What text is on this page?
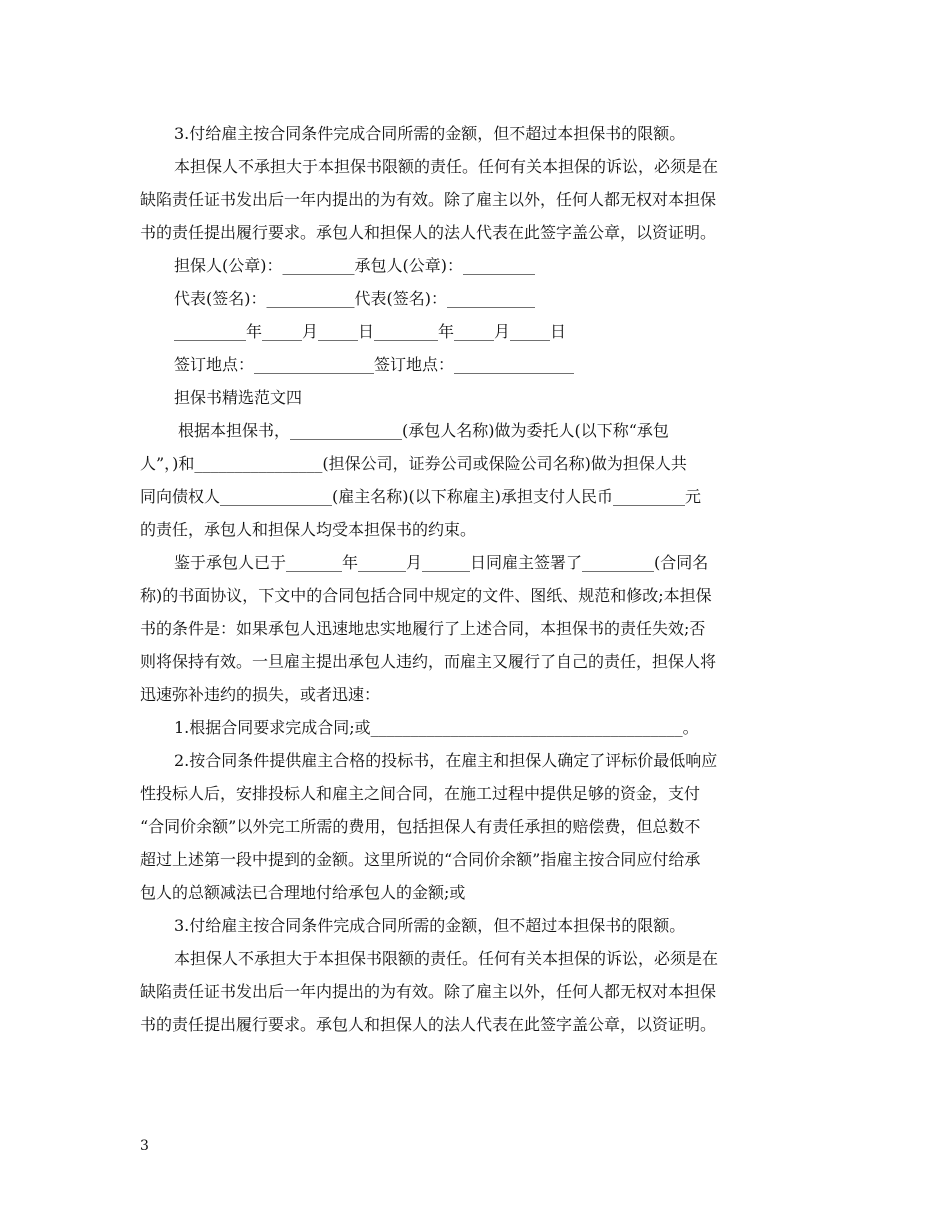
3.付给雇主按合同条件完成合同所需的金额，但不超过本担保书的限额。

本担保人不承担大于本担保书限额的责任。任何有关本担保的诉讼，必须是在

缺陷责任证书发出后一年内提出的为有效。除了雇主以外，任何人都无权对本担保

书的责任提出履行要求。承包人和担保人的法人代表在此签字盖公章，以资证明。

担保人(公章)：_________承包人(公章)：_________

代表(签名)：___________代表(签名)：___________

_________年_____月_____日________年_____月_____日

签订地点：_______________签订地点：_______________

担保书精选范文四

根据本担保书，______________(承包人名称)做为委托人(以下称“承包

人”，)和________________(担保公司，证券公司或保险公司名称)做为担保人共

同向债权人______________(雇主名称)(以下称雇主)承担支付人民币_________元

的责任，承包人和担保人均受本担保书的约束。

鉴于承包人已于_______年______月______日同雇主签署了_________(合同名

称)的书面协议，下文中的合同包括合同中规定的文件、图纸、规范和修改;本担保

书的条件是：如果承包人迅速地忠实地履行了上述合同，本担保书的责任失效;否

则将保持有效。一旦雇主提出承包人违约，而雇主又履行了自己的责任，担保人将

迅速弥补违约的损失，或者迅速：

1.根据合同要求完成合同;或_______________________________________。

2.按合同条件提供雇主合格的投标书，在雇主和担保人确定了评标价最低响应

性投标人后，安排投标人和雇主之间合同，在施工过程中提供足够的资金，支付

“合同价余额”以外完工所需的费用，包括担保人有责任承担的赔偿费，但总数不

超过上述第一段中提到的金额。这里所说的“合同价余额”指雇主按合同应付给承

包人的总额减法已合理地付给承包人的金额;或

3.付给雇主按合同条件完成合同所需的金额，但不超过本担保书的限额。

本担保人不承担大于本担保书限额的责任。任何有关本担保的诉讼，必须是在

缺陷责任证书发出后一年内提出的为有效。除了雇主以外，任何人都无权对本担保

书的责任提出履行要求。承包人和担保人的法人代表在此签字盖公章，以资证明。

3
